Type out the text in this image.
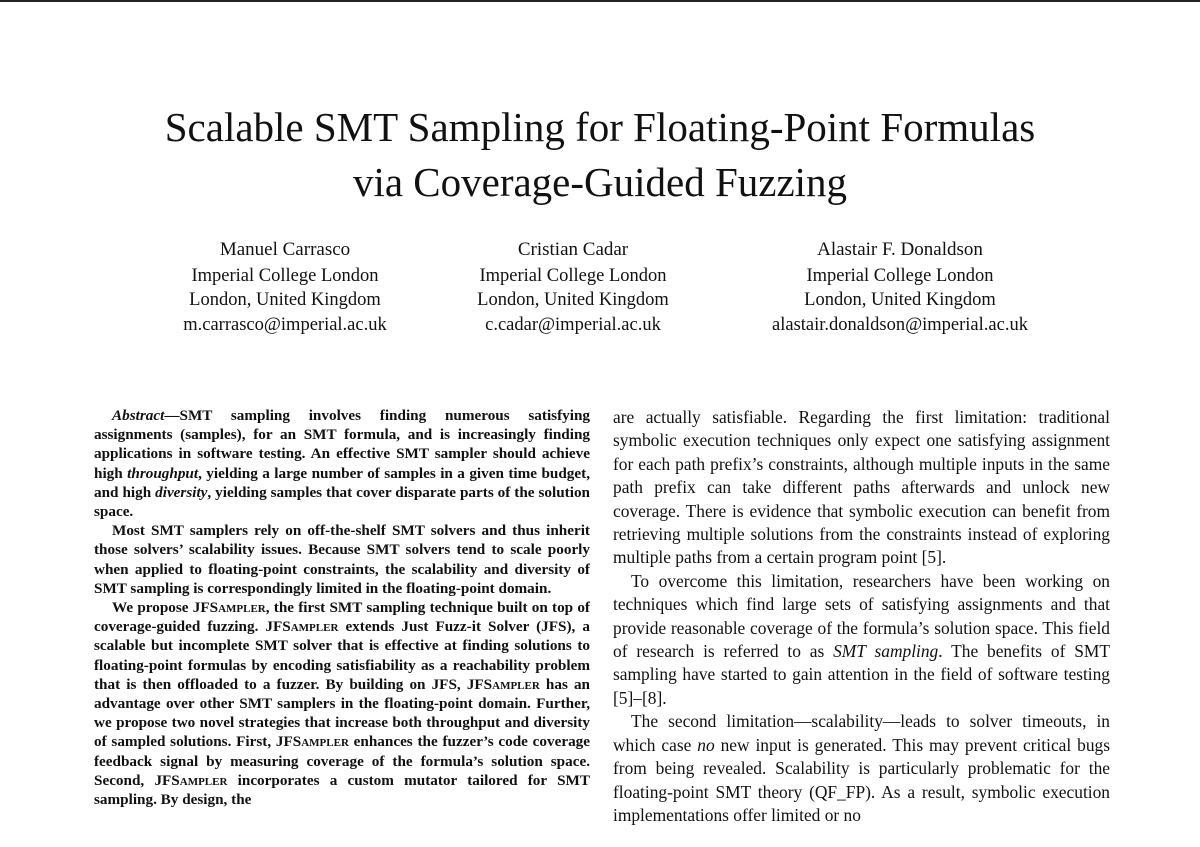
Scalable SMT Sampling for Floating-Point Formulas
via Coverage-Guided Fuzzing
Manuel Carrasco
Imperial College London
London, United Kingdom
m.carrasco@imperial.ac.uk
Cristian Cadar
Imperial College London
London, United Kingdom
c.cadar@imperial.ac.uk
Alastair F. Donaldson
Imperial College London
London, United Kingdom
alastair.donaldson@imperial.ac.uk

Abstract—SMT sampling involves finding numerous satisfying assignments (samples), for an SMT formula, and is increasingly finding applications in software testing. An effective SMT sampler should achieve high throughput, yielding a large number of samples in a given time budget, and high diversity, yielding samples that cover disparate parts of the solution space.

Most SMT samplers rely on off-the-shelf SMT solvers and thus inherit those solvers’ scalability issues. Because SMT solvers tend to scale poorly when applied to floating-point constraints, the scalability and diversity of SMT sampling is correspondingly limited in the floating-point domain.

We propose JFSampler, the first SMT sampling technique built on top of coverage-guided fuzzing. JFSampler extends Just Fuzz-it Solver (JFS), a scalable but incomplete SMT solver that is effective at finding solutions to floating-point formulas by encoding satisfiability as a reachability problem that is then offloaded to a fuzzer. By building on JFS, JFSampler has an advantage over other SMT samplers in the floating-point domain. Further, we propose two novel strategies that increase both throughput and diversity of sampled solutions. First, JFSampler enhances the fuzzer’s code coverage feedback signal by measuring coverage of the formula’s solution space. Second, JFSampler incorporates a custom mutator tailored for SMT sampling. By design, the

are actually satisfiable. Regarding the first limitation: traditional symbolic execution techniques only expect one satisfying assignment for each path prefix’s constraints, although multiple inputs in the same path prefix can take different paths afterwards and unlock new coverage. There is evidence that symbolic execution can benefit from retrieving multiple solutions from the constraints instead of exploring multiple paths from a certain program point [5].

To overcome this limitation, researchers have been working on techniques which find large sets of satisfying assignments and that provide reasonable coverage of the formula’s solution space. This field of research is referred to as SMT sampling. The benefits of SMT sampling have started to gain attention in the field of software testing [5]–[8].

The second limitation—scalability—leads to solver timeouts, in which case no new input is generated. This may prevent critical bugs from being revealed. Scalability is particularly problematic for the floating-point SMT theory (QF_FP). As a result, symbolic execution implementations offer limited or no
